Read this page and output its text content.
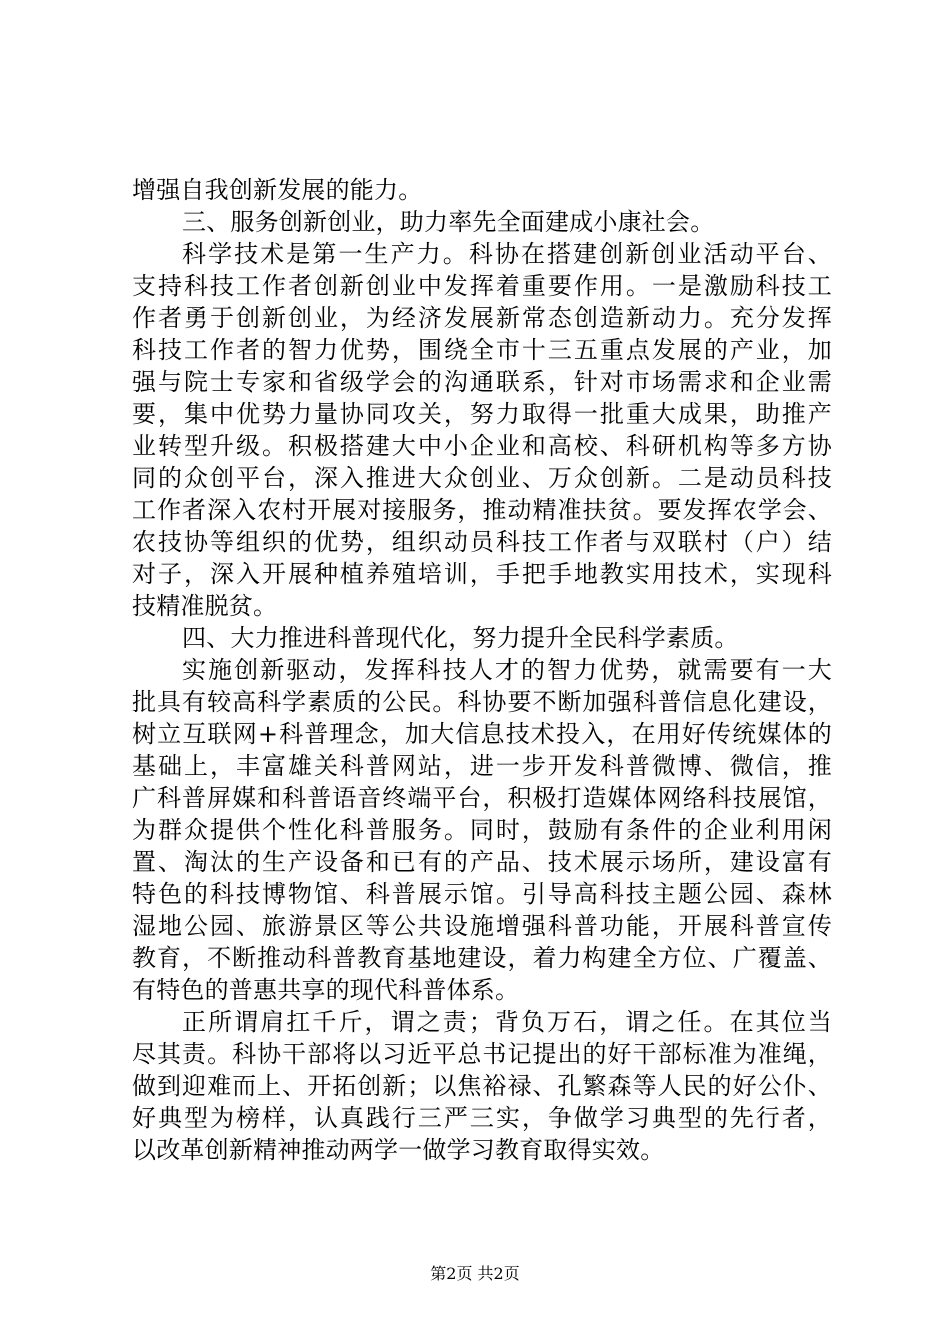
增强自我创新发展的能力。
三、服务创新创业，助力率先全面建成小康社会。
科学技术是第一生产力。科协在搭建创新创业活动平台、
支持科技工作者创新创业中发挥着重要作用。一是激励科技工
作者勇于创新创业，为经济发展新常态创造新动力。充分发挥
科技工作者的智力优势，围绕全市十三五重点发展的产业，加
强与院士专家和省级学会的沟通联系，针对市场需求和企业需
要，集中优势力量协同攻关，努力取得一批重大成果，助推产
业转型升级。积极搭建大中小企业和高校、科研机构等多方协
同的众创平台，深入推进大众创业、万众创新。二是动员科技
工作者深入农村开展对接服务，推动精准扶贫。要发挥农学会、
农技协等组织的优势，组织动员科技工作者与双联村（户）结
对子，深入开展种植养殖培训，手把手地教实用技术，实现科
技精准脱贫。
四、大力推进科普现代化，努力提升全民科学素质。
实施创新驱动，发挥科技人才的智力优势，就需要有一大
批具有较高科学素质的公民。科协要不断加强科普信息化建设，
树立互联网+科普理念，加大信息技术投入，在用好传统媒体的
基础上，丰富雄关科普网站，进一步开发科普微博、微信，推
广科普屏媒和科普语音终端平台，积极打造媒体网络科技展馆，
为群众提供个性化科普服务。同时，鼓励有条件的企业利用闲
置、淘汰的生产设备和已有的产品、技术展示场所，建设富有
特色的科技博物馆、科普展示馆。引导高科技主题公园、森林
湿地公园、旅游景区等公共设施增强科普功能，开展科普宣传
教育，不断推动科普教育基地建设，着力构建全方位、广覆盖、
有特色的普惠共享的现代科普体系。
正所谓肩扛千斤，谓之责；背负万石，谓之任。在其位当
尽其责。科协干部将以习近平总书记提出的好干部标准为准绳，
做到迎难而上、开拓创新；以焦裕禄、孔繁森等人民的好公仆、
好典型为榜样，认真践行三严三实，争做学习典型的先行者，
以改革创新精神推动两学一做学习教育取得实效。
第2页 共2页
